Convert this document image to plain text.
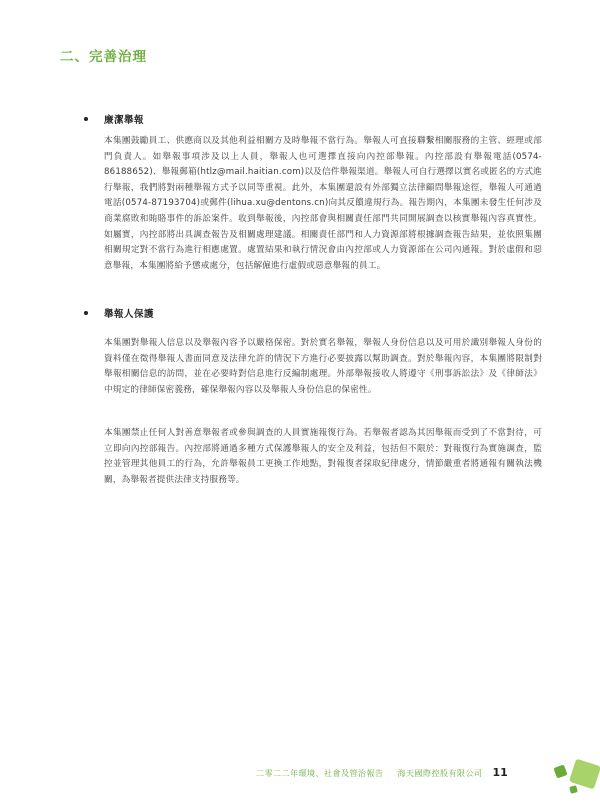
二、完善治理
廉潔舉報

本集團鼓勵員工、供應商以及其他利益相關方及時舉報不當行為。舉報人可直接聯繫相關服務的主管、經理或部門負責人。如舉報事項涉及以上人員，舉報人也可選擇直接向內控部舉報。內控部設有舉報電話(0574-86188652)、舉報郵箱(htlz@mail.haitian.com)以及信件舉報渠道。舉報人可自行選擇以實名或匿名的方式進行舉報，我們將對兩種舉報方式予以同等重視。此外，本集團還設有外部獨立法律顧問舉報途徑，舉報人可通過電話(0574-87193704)或郵件(lihua.xu@dentons.cn)向其反饋違規行為。報告期內，本集團未發生任何涉及商業腐敗和賄賂事件的訴訟案件。收到舉報後，內控部會與相關責任部門共同開展調查以核實舉報內容真實性。如屬實，內控部將出具調查報告及相關處理建議。相關責任部門和人力資源部將根據調查報告結果，並依照集團相關規定對不當行為進行相應處置。處置結果和執行情況會由內控部或人力資源部在公司內通報。對於虛假和惡意舉報，本集團將給予懲戒處分，包括解僱進行虛假或惡意舉報的員工。

舉報人保護

本集團對舉報人信息以及舉報內容予以嚴格保密。對於實名舉報，舉報人身份信息以及可用於識別舉報人身份的資料僅在徵得舉報人書面同意及法律允許的情況下方進行必要披露以幫助調查。對於舉報內容，本集團將限制對舉報相關信息的訪問，並在必要時對信息進行反編制處理。外部舉報接收人將遵守《刑事訴訟法》及《律師法》中規定的律師保密義務，確保舉報內容以及舉報人身份信息的保密性。

本集團禁止任何人對善意舉報者或參與調查的人員實施報復行為。若舉報者認為其因舉報而受到了不當對待，可立即向內控部報告。內控部將通過多種方式保護舉報人的安全及利益，包括但不限於：對報復行為實施調查，監控並管理其他員工的行為，允許舉報員工更換工作地點，對報復者採取紀律處分，情節嚴重者將通報有關執法機關，為舉報者提供法律支持服務等。

二零二二年環境、社會及管治報告 海天國際控股有限公司 11
